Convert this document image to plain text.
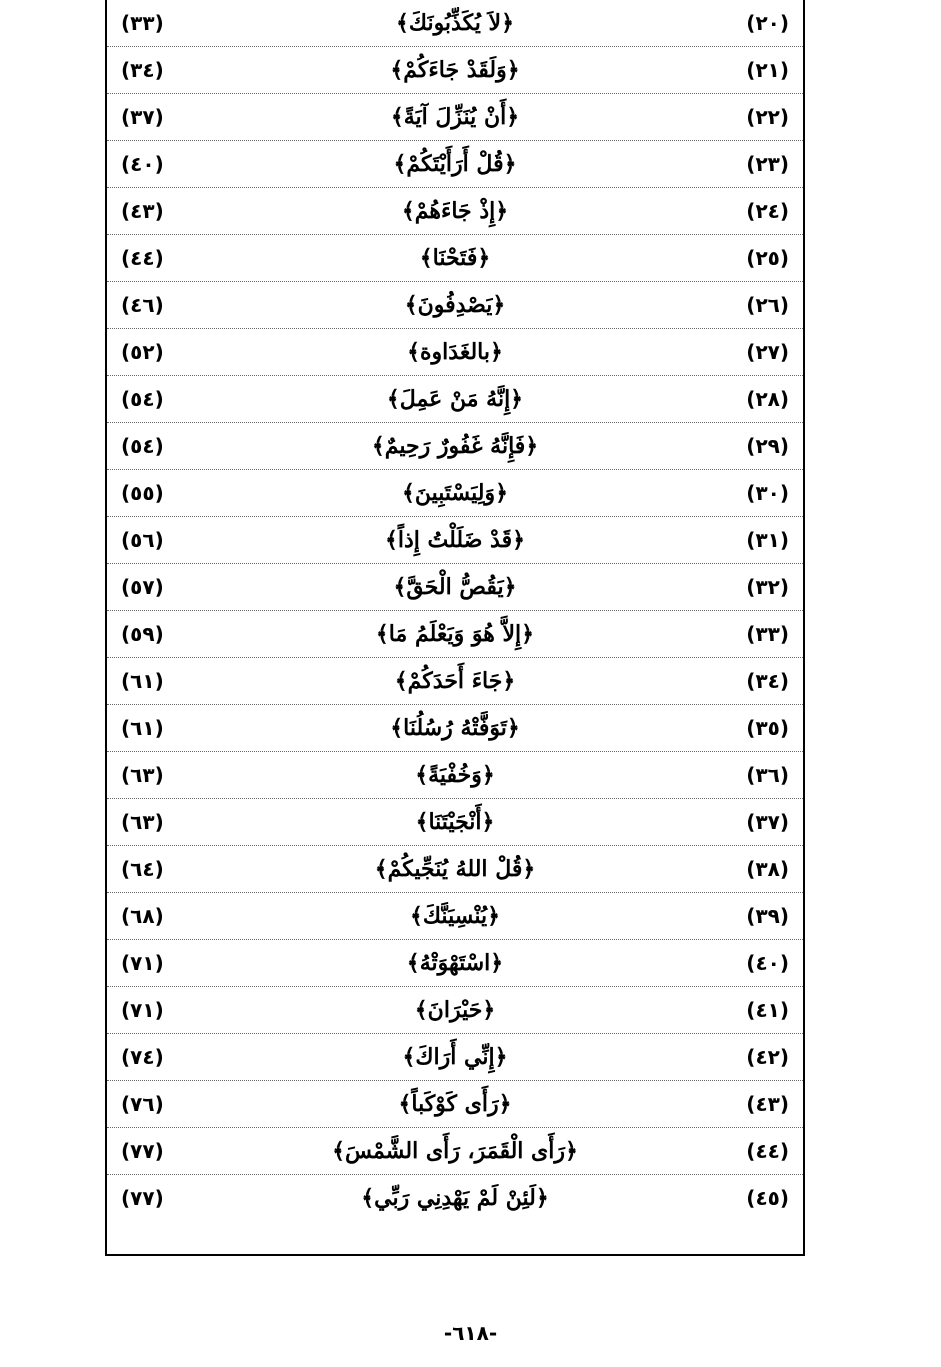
(٢٠)
﴿لاَ يُكَذِّبُونَكَ﴾
(٣٣)
(٢١)
﴿وَلَقَدْ جَاءَكُمْ﴾
(٣٤)
(٢٢)
﴿أَنْ يُنَزِّلَ آيَةً﴾
(٣٧)
(٢٣)
﴿قُلْ أَرَأَيْتَكُمْ﴾
(٤٠)
(٢٤)
﴿إِذْ جَاءَهُمْ﴾
(٤٣)
(٢٥)
﴿فَتَحْنَا﴾
(٤٤)
(٢٦)
﴿يَصْدِفُونَ﴾
(٤٦)
(٢٧)
﴿بالغَدَاوة﴾
(٥٢)
(٢٨)
﴿إِنَّهُ مَنْ عَمِلَ﴾
(٥٤)
(٢٩)
﴿فَإِنَّهُ غَفُورٌ رَحِيمٌ﴾
(٥٤)
(٣٠)
﴿وَلِيَسْتَبِينَ﴾
(٥٥)
(٣١)
﴿قَدْ ضَلَلْتُ إِذاً﴾
(٥٦)
(٣٢)
﴿يَقُصُّ الْحَقَّ﴾
(٥٧)
(٣٣)
﴿إِلاَّ هُوَ وَيَعْلَمُ مَا﴾
(٥٩)
(٣٤)
﴿جَاءَ أَحَدَكُمْ﴾
(٦١)
(٣٥)
﴿تَوَفَّتْهُ رُسُلُنَا﴾
(٦١)
(٣٦)
﴿وَخُفْيَةً﴾
(٦٣)
(٣٧)
﴿أَنْجَيْتَنَا﴾
(٦٣)
(٣٨)
﴿قُلْ اللهُ يُنَجِّيكُمْ﴾
(٦٤)
(٣٩)
﴿يُنْسِيَنَّكَ﴾
(٦٨)
(٤٠)
﴿اسْتَهْوَتْهُ﴾
(٧١)
(٤١)
﴿حَيْرَانَ﴾
(٧١)
(٤٢)
﴿إِنِّي أَرَاكَ﴾
(٧٤)
(٤٣)
﴿رَأَى كَوْكَباً﴾
(٧٦)
(٤٤)
﴿رَأَى الْقَمَرَ، رَأَى الشَّمْسَ﴾
(٧٧)
(٤٥)
﴿لَئِنْ لَمْ يَهْدِنِي رَبِّي﴾
(٧٧)
-٦١٨-
